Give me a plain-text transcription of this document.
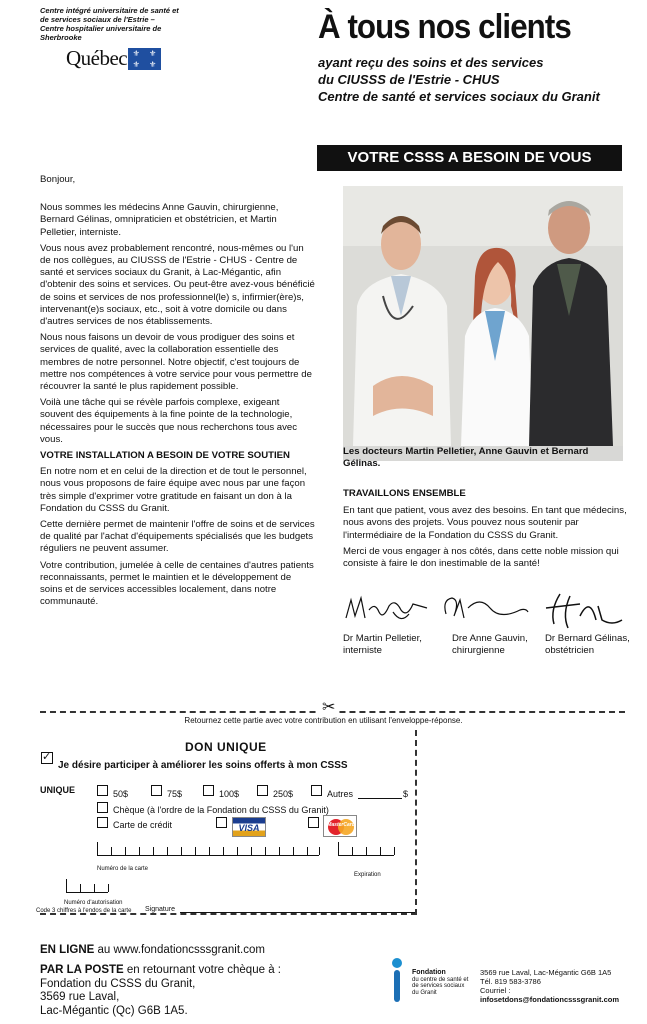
Centre intégré universitaire de santé et de services sociaux de l'Estrie – Centre hospitalier universitaire de Sherbrooke
Québec ⚜	⚜
⚜	⚜
À tous nos clients
ayant reçu des soins et des services
du CIUSSS de l'Estrie - CHUS
Centre de santé et services sociaux du Granit
VOTRE CSSS A BESOIN DE VOUS

Bonjour,

Nous sommes les médecins Anne Gauvin, chirurgienne, Bernard Gélinas, omnipraticien et obstétricien, et Martin Pelletier, interniste.

Vous nous avez probablement rencontré, nous-mêmes ou l'un de nos collègues, au CIUSSS de l'Estrie - CHUS - Centre de santé et services sociaux du Granit, à Lac-Mégantic, afin d'obtenir des soins et services. Ou peut-être avez-vous bénéficié de soins et services de nos professionnel(le) s, infirmier(ère)s, intervenant(e)s sociaux, etc., soit à votre domicile ou dans d'autres services de nos établissements.

Nous nous faisons un devoir de vous prodiguer des soins et services de qualité, avec la collaboration essentielle des membres de notre personnel. Notre objectif, c'est toujours de mettre nos compétences à votre service pour vous permettre de récouvrer la santé le plus rapidement possible.

Voilà une tâche qui se révèle parfois complexe, exigeant souvent des équipements à la fine pointe de la technologie, nécessaires pour le succès que nous recherchons tous avec vous.

VOTRE INSTALLATION A BESOIN DE VOTRE SOUTIEN

En notre nom et en celui de la direction et de tout le personnel, nous vous proposons de faire équipe avec nous par une façon très simple d'exprimer votre gratitude en faisant un don à la Fondation du CSSS du Granit.

Cette dernière permet de maintenir l'offre de soins et de services de qualité par l'achat d'équipements spécialisés que les budgets réguliers ne peuvent assumer.

Votre contribution, jumelée à celle de centaines d'autres patients reconnaissants, permet le maintien et le développement de soins et de services accessibles localement, dans notre communauté.

Les docteurs Martin Pelletier, Anne Gauvin et Bernard Gélinas.
TRAVAILLONS ENSEMBLE

En tant que patient, vous avez des besoins. En tant que médecins, nous avons des projets. Vous pouvez nous soutenir par l'intermédiaire de la Fondation du CSSS du Granit.

Merci de vous engager à nos côtés, dans cette noble mission qui consiste à faire le don inestimable de la santé!

Dr Martin Pelletier,
interniste
Dre Anne Gauvin,
chirurgienne
Dr Bernard Gélinas,
obstétricien
✂
Retournez cette partie avec votre contribution en utilisant l'enveloppe-réponse.
DON UNIQUE
✓
Je désire participer à améliorer les soins offerts à mon CSSS
UNIQUE	50$	75$	100$	250$	Autres	$
Chèque (à l'ordre de la Fondation du CSSS du Granit)
Carte de crédit	VISA	MasterCard
Numéro de la carte
Expiration
Numéro d'autorisation
Code 3 chiffres à l'endos de la carte Signature
EN LIGNE au www.fondationcsssgranit.com
PAR LA POSTE en retournant votre chèque à :
Fondation du CSSS du Granit,
3569 rue Laval,
Lac-Mégantic (Qc) G6B 1A5.
Fondation

du centre de santé et de services sociaux du Granit
3569 rue Laval, Lac-Mégantic G6B 1A5
Tél. 819 583-3786
Courriel :
infosetdons@fondationcsssgranit.com
